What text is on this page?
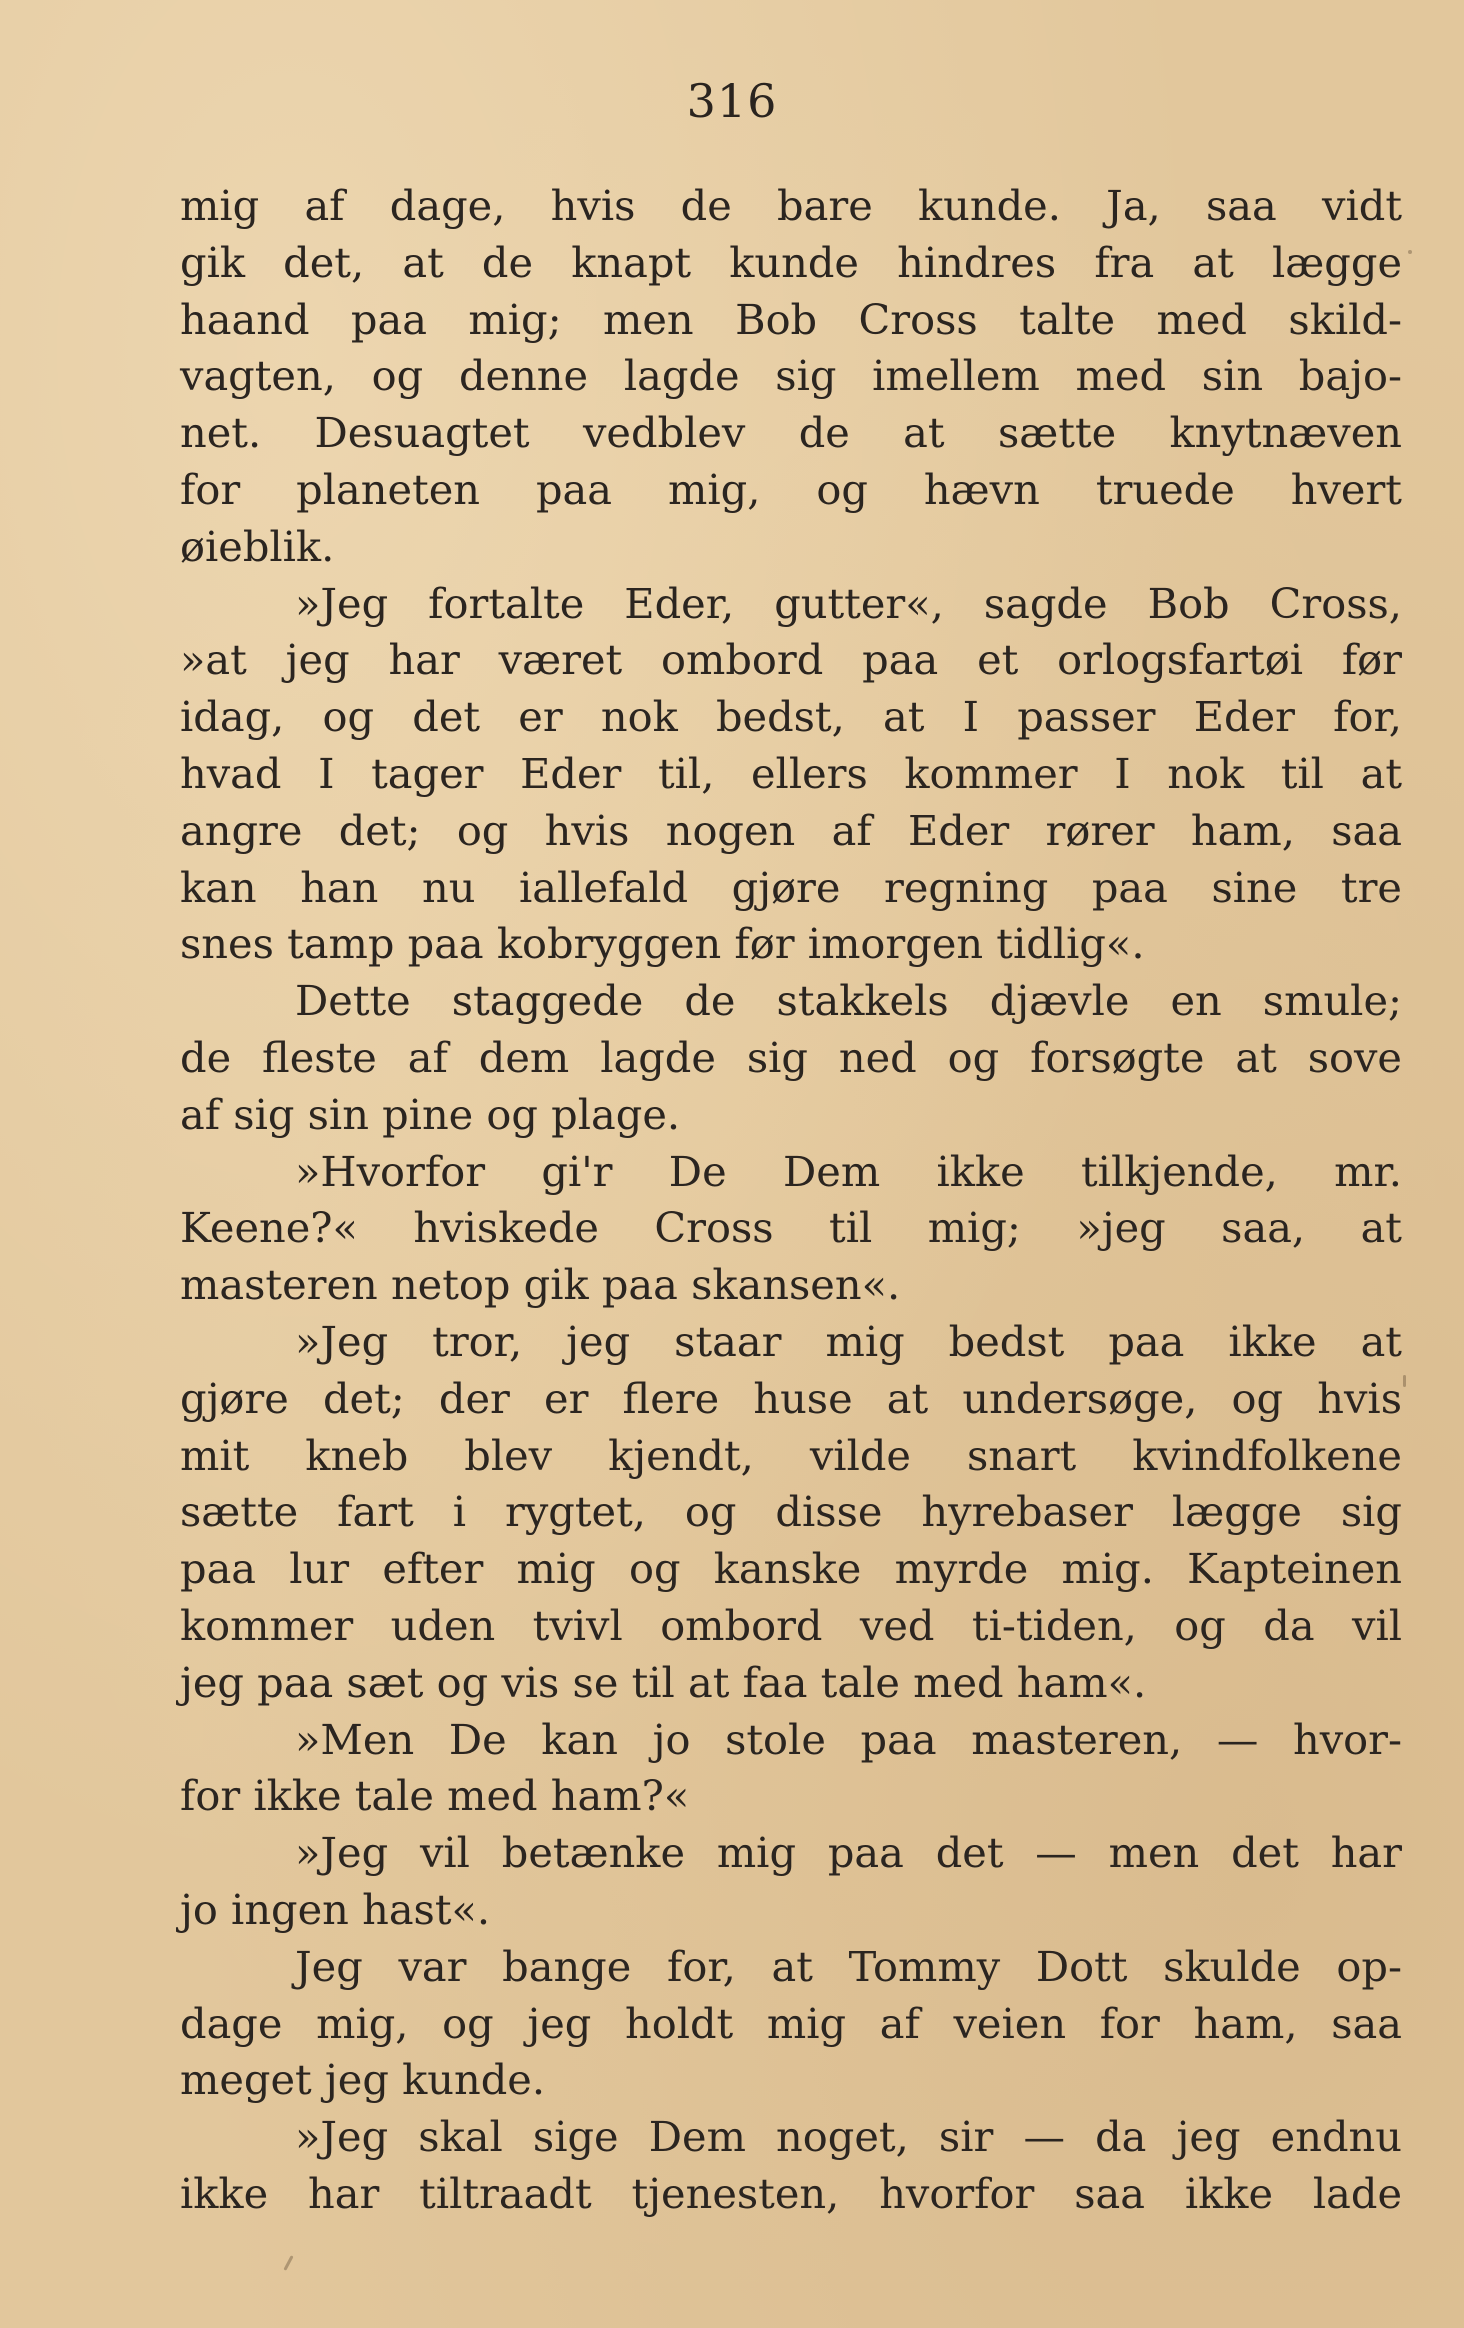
316
mig af dage, hvis de bare kunde. Ja, saa vidt
gik det, at de knapt kunde hindres fra at lægge
haand paa mig; men Bob Cross talte med skild-
vagten, og denne lagde sig imellem med sin bajo-
net. Desuagtet vedblev de at sætte knytnæven
for planeten paa mig, og hævn truede hvert
øieblik.
»Jeg fortalte Eder, gutter«, sagde Bob Cross,
»at jeg har været ombord paa et orlogsfartøi før
idag, og det er nok bedst, at I passer Eder for,
hvad I tager Eder til, ellers kommer I nok til at
angre det; og hvis nogen af Eder rører ham, saa
kan han nu iallefald gjøre regning paa sine tre
snes tamp paa kobryggen før imorgen tidlig«.
Dette staggede de stakkels djævle en smule;
de fleste af dem lagde sig ned og forsøgte at sove
af sig sin pine og plage.
»Hvorfor gi'r De Dem ikke tilkjende, mr.
Keene?« hviskede Cross til mig; »jeg saa, at
masteren netop gik paa skansen«.
»Jeg tror, jeg staar mig bedst paa ikke at
gjøre det; der er flere huse at undersøge, og hvis
mit kneb blev kjendt, vilde snart kvindfolkene
sætte fart i rygtet, og disse hyrebaser lægge sig
paa lur efter mig og kanske myrde mig. Kapteinen
kommer uden tvivl ombord ved ti-tiden, og da vil
jeg paa sæt og vis se til at faa tale med ham«.
»Men De kan jo stole paa masteren, — hvor-
for ikke tale med ham?«
»Jeg vil betænke mig paa det — men det har
jo ingen hast«.
Jeg var bange for, at Tommy Dott skulde op-
dage mig, og jeg holdt mig af veien for ham, saa
meget jeg kunde.
»Jeg skal sige Dem noget, sir — da jeg endnu
ikke har tiltraadt tjenesten, hvorfor saa ikke lade
